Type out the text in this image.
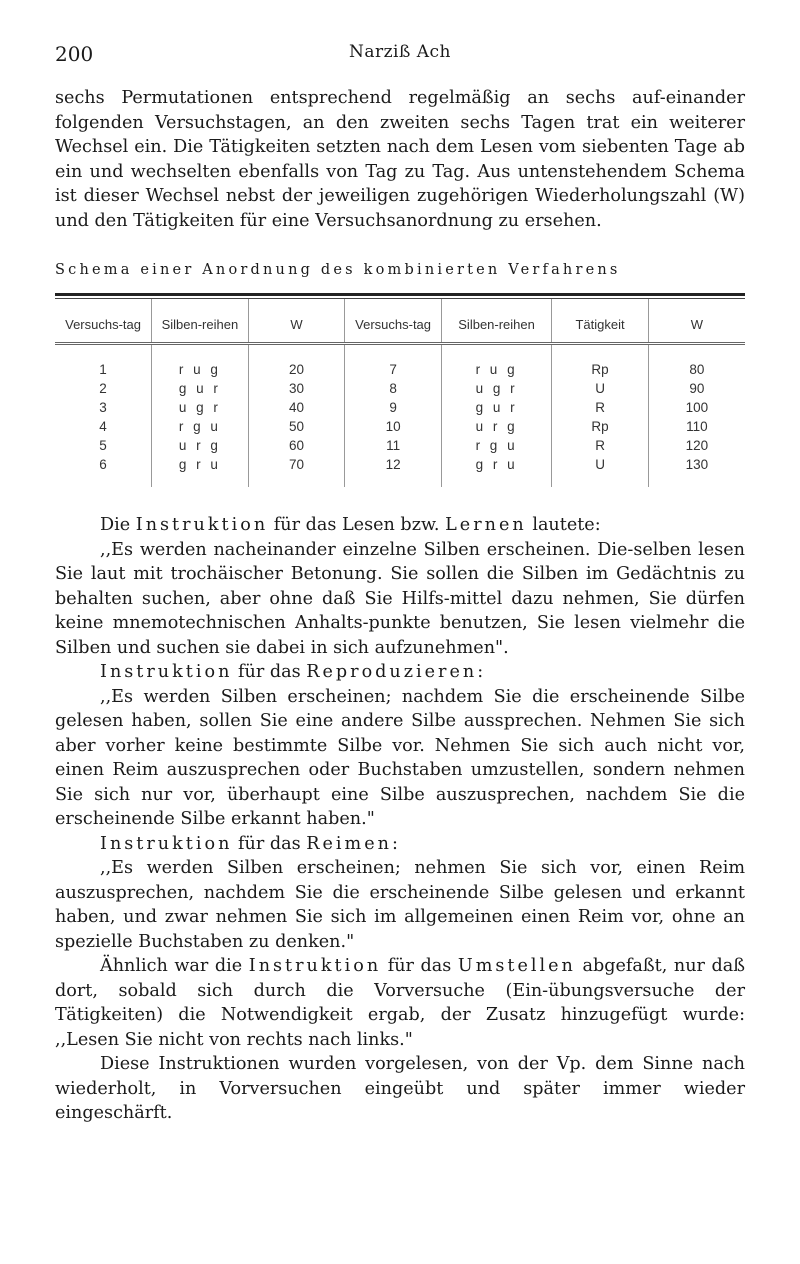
200	Narziß Ach

sechs Permutationen entsprechend regelmäßig an sechs auf-einander folgenden Versuchstagen, an den zweiten sechs Tagen trat ein weiterer Wechsel ein. Die Tätigkeiten setzten nach dem Lesen vom siebenten Tage ab ein und wechselten ebenfalls von Tag zu Tag. Aus untenstehendem Schema ist dieser Wechsel nebst der jeweiligen zugehörigen Wiederholungszahl (W) und den Tätigkeiten für eine Versuchsanordnung zu ersehen.

Schema einer Anordnung des kombinierten Verfahrens
Versuchs-tag	Silben-reihen	W	Versuchs-tag	Silben-reihen	Tätigkeit	W
1	r u g	20	7	r u g	Rp	80
2	g u r	30	8	u g r	U	90
3	u g r	40	9	g u r	R	100
4	r g u	50	10	u r g	Rp	110
5	u r g	60	11	r g u	R	120
6	g r u	70	12	g r u	U	130

Die Instruktion für das Lesen bzw. Lernen lautete:

,,Es werden nacheinander einzelne Silben erscheinen. Die-selben lesen Sie laut mit trochäischer Betonung. Sie sollen die Silben im Gedächtnis zu behalten suchen, aber ohne daß Sie Hilfs-mittel dazu nehmen, Sie dürfen keine mnemotechnischen Anhalts-punkte benutzen, Sie lesen vielmehr die Silben und suchen sie dabei in sich aufzunehmen".

Instruktion für das Reproduzieren:

,,Es werden Silben erscheinen; nachdem Sie die erscheinende Silbe gelesen haben, sollen Sie eine andere Silbe aussprechen. Nehmen Sie sich aber vorher keine bestimmte Silbe vor. Nehmen Sie sich auch nicht vor, einen Reim auszusprechen oder Buchstaben umzustellen, sondern nehmen Sie sich nur vor, überhaupt eine Silbe auszusprechen, nachdem Sie die erscheinende Silbe erkannt haben."

Instruktion für das Reimen:

,,Es werden Silben erscheinen; nehmen Sie sich vor, einen Reim auszusprechen, nachdem Sie die erscheinende Silbe gelesen und erkannt haben, und zwar nehmen Sie sich im allgemeinen einen Reim vor, ohne an spezielle Buchstaben zu denken."

Ähnlich war die Instruktion für das Umstellen abgefaßt, nur daß dort, sobald sich durch die Vorversuche (Ein-übungsversuche der Tätigkeiten) die Notwendigkeit ergab, der Zusatz hinzugefügt wurde: ,,Lesen Sie nicht von rechts nach links."

Diese Instruktionen wurden vorgelesen, von der Vp. dem Sinne nach wiederholt, in Vorversuchen eingeübt und später immer wieder eingeschärft.
